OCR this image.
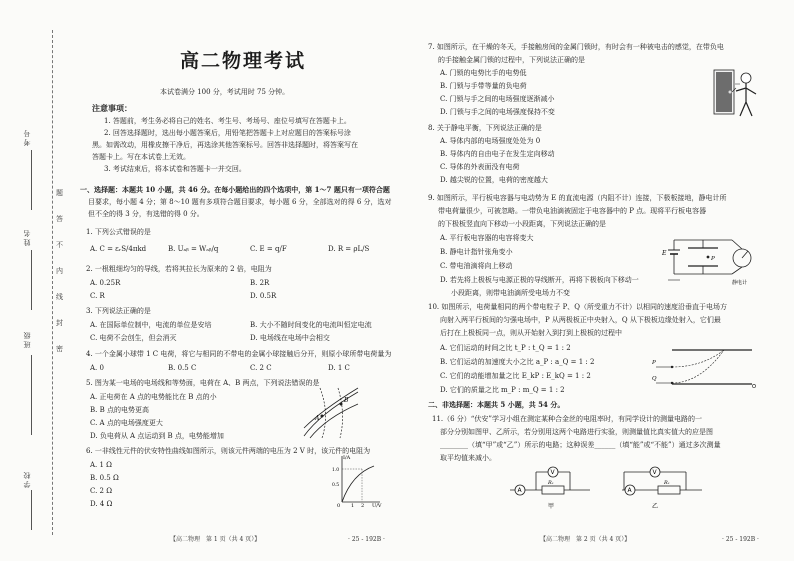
考号
姓名
班级
学校
题
答
不
内
线
封
密
高二物理考试
本试卷满分 100 分，考试用时 75 分钟。
注意事项：
1. 答题前，考生务必将自己的姓名、考生号、考场号、座位号填写在答题卡上。
2. 回答选择题时，选出每小题答案后，用铅笔把答题卡上对应题目的答案标号涂
黑。如需改动，用橡皮擦干净后，再选涂其他答案标号。回答非选择题时，将答案写在
答题卡上。写在本试卷上无效。
3. 考试结束后，将本试卷和答题卡一并交回。
一、选择题：本题共 10 小题，共 46 分。在每小题给出的四个选项中，第 1～7 题只有一项符合题
目要求，每小题 4 分；第 8～10 题有多项符合题目要求，每小题 6 分，全部选对的得 6 分，选对
但不全的得 3 分，有选错的得 0 分。
1. 下列公式错误的是
A. C = εᵣS/4πkd	B. Uₐᵦ = Wₐᵦ/q	C. E = q/F	D. R = ρL/S
2. 一根粗细均匀的导线，若将其拉长为原来的 2 倍，电阻为
A. 0.25R	B. 2R
C. R	D. 0.5R
3. 下列说法正确的是
A. 在国际单位制中，电流的单位是安培	B. 大小不随时间变化的电流叫恒定电流
C. 电荷不会创生，但会消灭	D. 电场线在电场中会相交
4. 一个金属小球带 1 C 电荷，将它与相同的不带电的金属小球接触后分开，则原小球所带电荷量为
A. 0	B. 0.5 C	C. 2 C	D. 1 C
5. 图为某一电场的电场线和等势面，电荷在 A、B 两点，下列说法错误的是
A. 正电荷在 A 点的电势能比在 B 点的小
B. B 点的电势更高
C. A 点的电场强度更大
D. 负电荷从 A 点运动到 B 点，电势能增加
A
B
6. 一非线性元件的伏安特性曲线如图所示，则该元件两端的电压为 2 V 时，该元件的电阻为
A. 1 Ω
B. 0.5 Ω
C. 2 Ω
D. 4 Ω
I/A
U/V
0 1 2
0.5
1.0
【高二物理　第 1 页（共 4 页）】	· 25 - 192B ·
7. 如图所示，在干燥的冬天，手接触房间的金属门锁时，有时会有一种被电击的感觉，在带负电
的手接触金属门锁的过程中，下列说法正确的是
A. 门锁的电势比手的电势低
B. 门锁与手带等量的负电荷
C. 门锁与手之间的电场强度逐渐减小
D. 门锁与手之间的电场强度保持不变
8. 关于静电平衡，下列说法正确的是
A. 导体内部的电场强度处处为 0
B. 导体内的自由电子在发生定向移动
C. 导体的外表面没有电荷
D. 越尖锐的位置，电荷的密度越大
9. 如图所示，平行板电容器与电动势为 E 的直流电源（内阻不计）连接，下极板接地，静电计所
带电荷量很少，可被忽略。一带负电油滴被固定于电容器中的 P 点。现将平行板电容器
的下极板竖直向下移动一小段距离，下列说法正确的是
A. 平行板电容器的电容将变大
B. 静电计指针张角变小
C. 带电油滴将向上移动
D. 若先将上极板与电源正极的导线断开，再将下极板向下移动一
小段距离，则带电油滴所受电场力不变
E
P
静电计
10. 如图所示，电荷量相同的两个带电粒子 P、Q（所受重力不计）以相同的速度沿垂直于电场方
向射入两平行板间的匀强电场中，P 从两极板正中央射入，Q 从下极板边缘处射入，它们最
后打在上极板同一点，则从开始射入到打到上极板的过程中
A. 它们运动的时间之比 t_P : t_Q = 1 : 2
B. 它们运动的加速度大小之比 a_P : a_Q = 1 : 2
C. 它们的动能增加量之比 E_kP : E_kQ = 1 : 2
D. 它们的质量之比 m_P : m_Q = 1 : 2
P
Q
二、非选择题：本题共 5 小题，共 54 分。
11.（6 分）“伏安”学习小组在测定某种合金丝的电阻率时，有同学设计的测量电路的一
部分分别如图甲、乙所示，若分别用这两个电路进行实验，则测量值比真实值大的应是图
________（填“甲”或“乙”）所示的电路；这种误差______（填“能”或“不能”）通过多次测量
取平均值来减小。
A
Rₓ
V
甲
A
Rₓ
V
乙
【高二物理　第 2 页（共 4 页）】	· 25 - 192B ·
